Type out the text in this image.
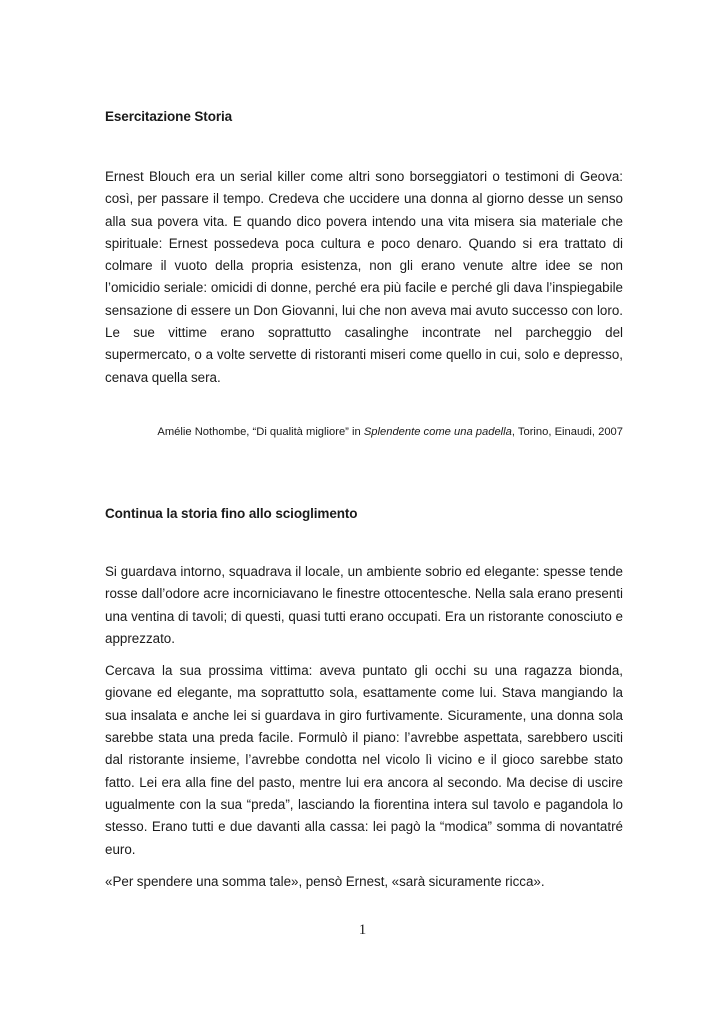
Esercitazione Storia

Ernest Blouch era un serial killer come altri sono borseggiatori o testimoni di Geova: così, per passare il tempo. Credeva che uccidere una donna al giorno desse un senso alla sua povera vita. E quando dico povera intendo una vita misera sia materiale che spirituale: Ernest possedeva poca cultura e poco denaro. Quando si era trattato di colmare il vuoto della propria esistenza, non gli erano venute altre idee se non l’omicidio seriale: omicidi di donne, perché era più facile e perché gli dava l’inspiegabile sensazione di essere un Don Giovanni, lui che non aveva mai avuto successo con loro. Le sue vittime erano soprattutto casalinghe incontrate nel parcheggio del supermercato, o a volte servette di ristoranti miseri come quello in cui, solo e depresso, cenava quella sera.

Amélie Nothombe, “Di qualità migliore” in Splendente come una padella, Torino, Einaudi, 2007

Continua la storia fino allo scioglimento

Si guardava intorno, squadrava il locale, un ambiente sobrio ed elegante: spesse tende rosse dall’odore acre incorniciavano le finestre ottocentesche. Nella sala erano presenti una ventina di tavoli; di questi, quasi tutti erano occupati. Era un ristorante conosciuto e apprezzato.

Cercava la sua prossima vittima: aveva puntato gli occhi su una ragazza bionda, giovane ed elegante, ma soprattutto sola, esattamente come lui. Stava mangiando la sua insalata e anche lei si guardava in giro furtivamente. Sicuramente, una donna sola sarebbe stata una preda facile. Formulò il piano: l’avrebbe aspettata, sarebbero usciti dal ristorante insieme, l’avrebbe condotta nel vicolo lì vicino e il gioco sarebbe stato fatto. Lei era alla fine del pasto, mentre lui era ancora al secondo. Ma decise di uscire ugualmente con la sua “preda”, lasciando la fiorentina intera sul tavolo e pagandola lo stesso. Erano tutti e due davanti alla cassa: lei pagò la “modica” somma di novantatré euro.

«Per spendere una somma tale», pensò Ernest, «sarà sicuramente ricca».

1
